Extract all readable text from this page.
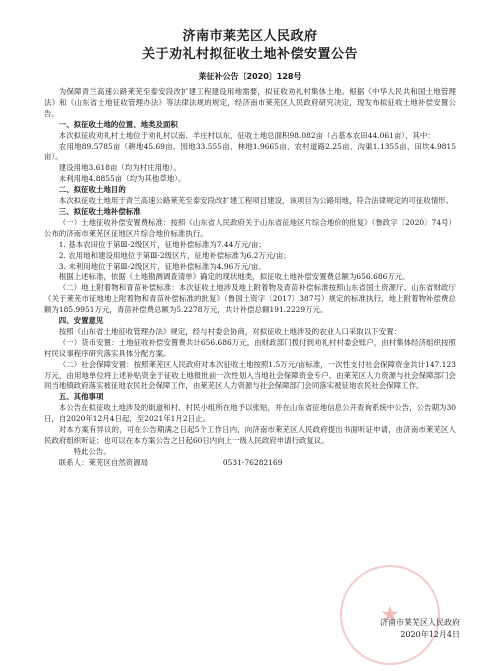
济南市莱芜区人民政府
关于劝礼村拟征收土地补偿安置公告
莱征补公告〔2020〕128号

为保障青兰高速公路莱芜至泰安段改扩建工程建设用地需要，拟征收劝礼村集体土地。根据《中华人民共和国土地管理法》和《山东省土地征收管理办法》等法律法规的规定，经济南市莱芜区人民政府研究决定，现发布拟征收土地补偿安置公告。

一、拟征收土地的位置、地类及面积

本次拟征收劝礼村土地位于劝礼村以南、羊庄村以东，征收土地总面积98.082亩（占基本农田44.061亩），其中：

农用地89.5785亩（耕地45.69亩、园地33.555亩、林地1.9665亩、农村道路2.25亩、沟渠1.1355亩、田坎4.9815亩）。

建设用地3.618亩（均为村庄用地）。

未利用地4.8855亩（均为其他草地）。

二、拟征收土地目的

本次拟征收土地用于青兰高速公路莱芜至泰安段改扩建工程项目建设，该项目为公路用地，符合法律规定的可征收情形。

三、拟征收土地补偿标准

（一）土地征收补偿安置费标准：按照《山东省人民政府关于山东省征地区片综合地价的批复》（鲁政字〔2020〕74号）公布的济南市莱芜区征地区片综合地价标准执行。

1. 基本农田位于第Ⅲ-2级区片，征地补偿标准为7.44万元/亩；

2. 农用地和建设用地位于第Ⅲ-2级区片，征地补偿标准为6.2万元/亩；

3. 未利用地位于第Ⅲ-2级区片，征地补偿标准为4.96万元/亩。

根据上述标准，依据《土地勘测调查清单》确定的现状地类，拟征收土地补偿安置费总额为656.686万元。

（二）地上附着物和青苗补偿标准：本次征收土地涉及地上附着物及青苗补偿标准按照山东省国土资源厅、山东省财政厅《关于莱芜市征地地上附着物和青苗补偿标准的批复》（鲁国土资字〔2017〕387号）规定的标准执行，地上附着物补偿费总额为185.9951万元，青苗补偿费总额为5.2278万元，共计补偿总额191.2229万元。

四、安置意见

按照《山东省土地征收管理办法》规定，经与村委会协商，对拟征收土地涉及的农业人口采取以下安置：

（一）货币安置：土地征收补偿安置费共计656.686万元，由财政部门拨付到劝礼村村委会账户，由村集体经济组织按照村民议事程序研究落实具体分配方案。

（二）社会保障安置：按照莱芜区人民政府对本次征收土地按照1.5万元/亩标准，一次性支付社会保障资金共计147.123万元，由用地单位将上述补贴资金于征收土地报批前一次性划入当地社会保障资金专户。由莱芜区人力资源与社会保障部门会同当地镇政府落实被征地农民社会保障工作，由莱芜区人力资源与社会保障部门会同落实被征地农民社会保障工作。

五、其他事项

本公告在拟征收土地涉及的街道和村、村民小组所在地予以张贴，并在山东省征地信息公开查询系统中公告，公告期为30日，自2020年12月4日起，至2021年1月2日止。

对本方案有异议的，可在公告期满之日起5个工作日内，向济南市莱芜区人民政府提出书面听证申请，由济南市莱芜区人民政府组织听证；也可以在本方案公告之日起60日内向上一级人民政府申请行政复议。

特此公告。

联系人：莱芜区自然资源局	0531-76282169

★
济南市莱芜区人民政府
2020年12月4日
